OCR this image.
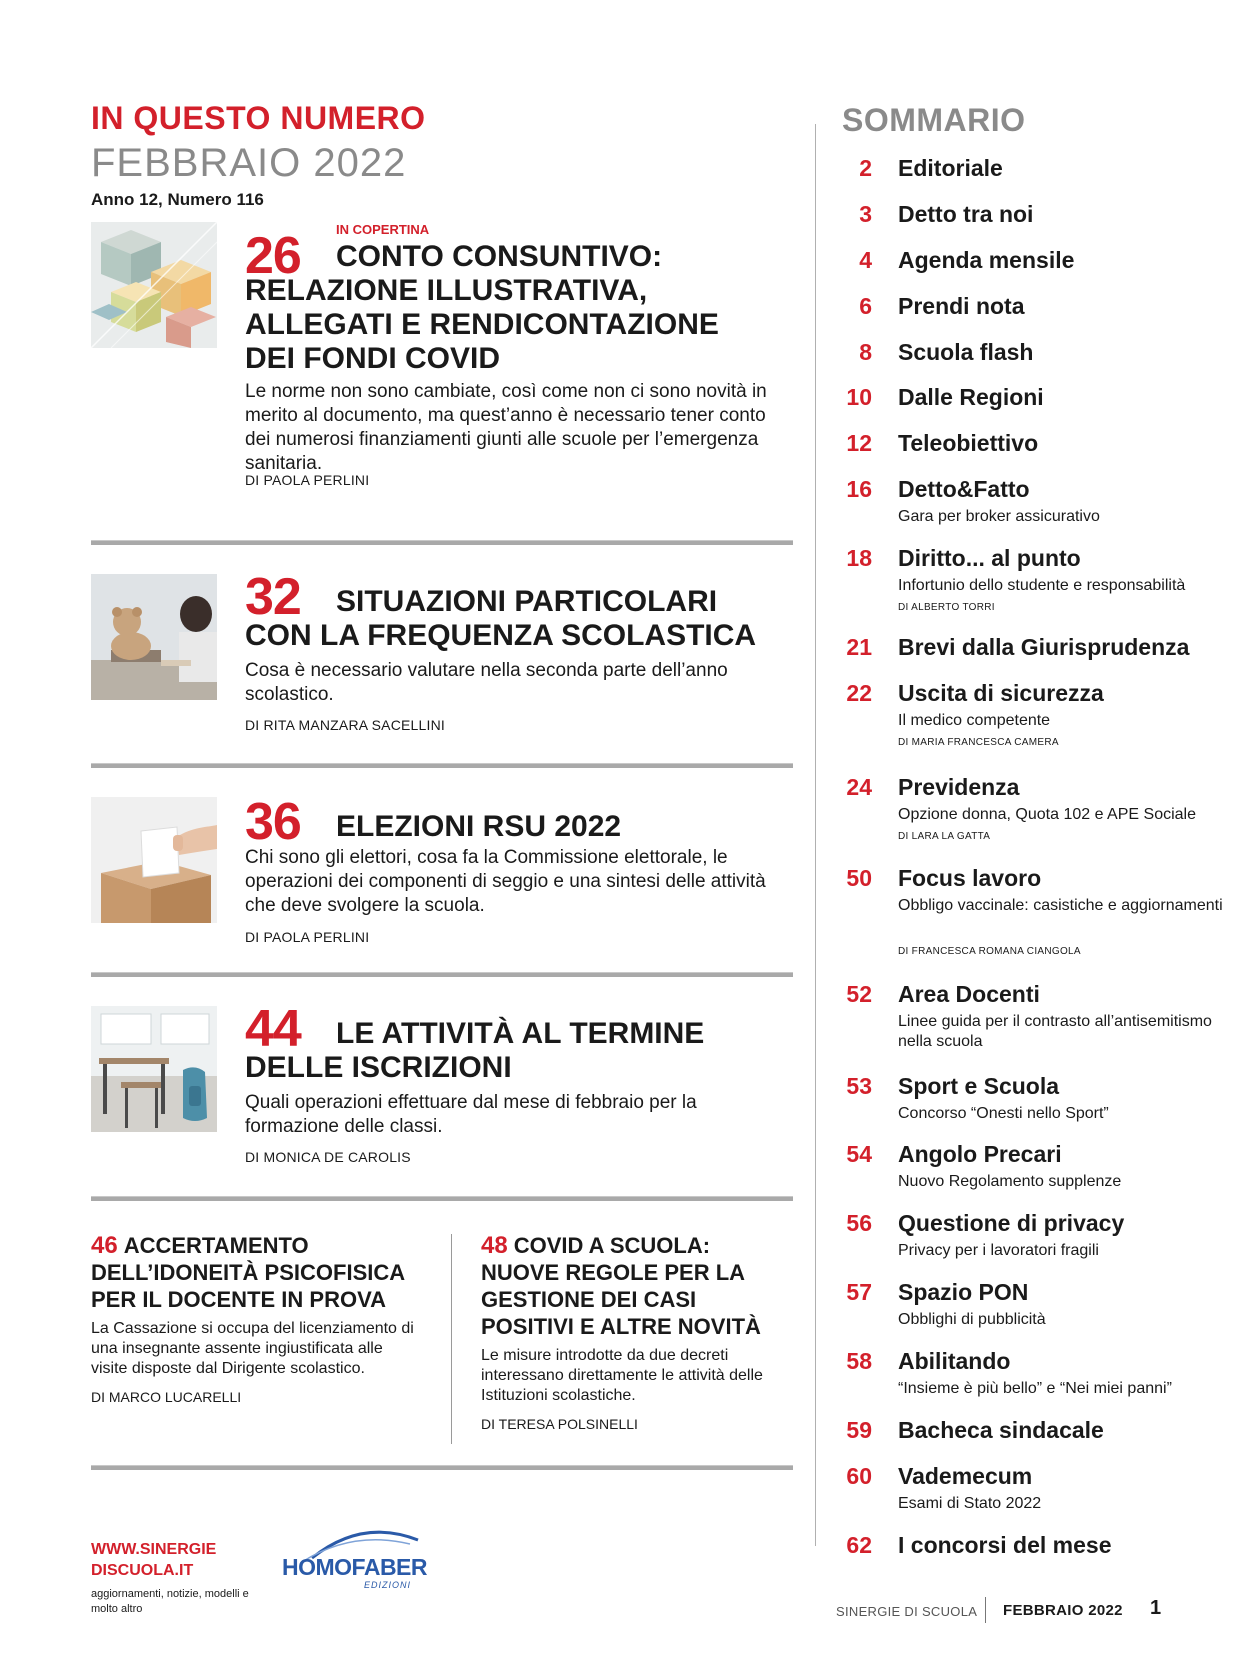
IN QUESTO NUMERO
FEBBRAIO 2022
Anno 12, Numero 116
26	IN COPERTINA
CONTO CONSUNTIVO:
RELAZIONE ILLUSTRATIVA,
ALLEGATI E RENDICONTAZIONE
DEI FONDI COVID
Le norme non sono cambiate, così come non ci sono novità in merito al documento, ma quest’anno è necessario tener conto dei numerosi finanziamenti giunti alle scuole per l’emergenza sanitaria.
DI PAOLA PERLINI
32 SITUAZIONI PARTICOLARI
CON LA FREQUENZA SCOLASTICA
Cosa è necessario valutare nella seconda parte dell’anno scolastico.
DI RITA MANZARA SACELLINI
36 ELEZIONI RSU 2022
Chi sono gli elettori, cosa fa la Commissione elettorale, le operazioni dei componenti di seggio e una sintesi delle attività che deve svolgere la scuola.
DI PAOLA PERLINI
44 LE ATTIVITÀ AL TERMINE
DELLE ISCRIZIONI
Quali operazioni effettuare dal mese di febbraio per la formazione delle classi.
DI MONICA DE CAROLIS
46 ACCERTAMENTO DELL’IDONEITÀ PSICOFISICA PER IL DOCENTE IN PROVA
La Cassazione si occupa del licenziamento di una insegnante assente ingiustificata alle visite disposte dal Dirigente scolastico.
DI MARCO LUCARELLI
48 COVID A SCUOLA: NUOVE REGOLE PER LA GESTIONE DEI CASI POSITIVI E ALTRE NOVITÀ
Le misure introdotte da due decreti interessano direttamente le attività delle Istituzioni scolastiche.
DI TERESA POLSINELLI
WWW.SINERGIE
DISCUOLA.IT
aggiornamenti, notizie, modelli e molto altro
HOMOFABER
EDIZIONI
SOMMARIO
2 Editoriale
3 Detto tra noi
4 Agenda mensile
6 Prendi nota
8 Scuola flash
10 Dalle Regioni
12 Teleobiettivo
16 Detto&Fatto
Gara per broker assicurativo
18 Diritto... al punto
Infortunio dello studente e responsabilità
DI ALBERTO TORRI
21 Brevi dalla Giurisprudenza
22 Uscita di sicurezza
Il medico competente
DI MARIA FRANCESCA CAMERA
24 Previdenza
Opzione donna, Quota 102 e APE Sociale
DI LARA LA GATTA
50 Focus lavoro
Obbligo vaccinale: casistiche e aggiornamenti
DI FRANCESCA ROMANA CIANGOLA
52 Area Docenti
Linee guida per il contrasto all’antisemitismo nella scuola
53 Sport e Scuola
Concorso “Onesti nello Sport”
54 Angolo Precari
Nuovo Regolamento supplenze
56 Questione di privacy
Privacy per i lavoratori fragili
57 Spazio PON
Obblighi di pubblicità
58 Abilitando
“Insieme è più bello” e “Nei miei panni”
59 Bacheca sindacale
60 Vademecum
Esami di Stato 2022
62 I concorsi del mese
SINERGIE DI SCUOLA FEBBRAIO 2022 1
